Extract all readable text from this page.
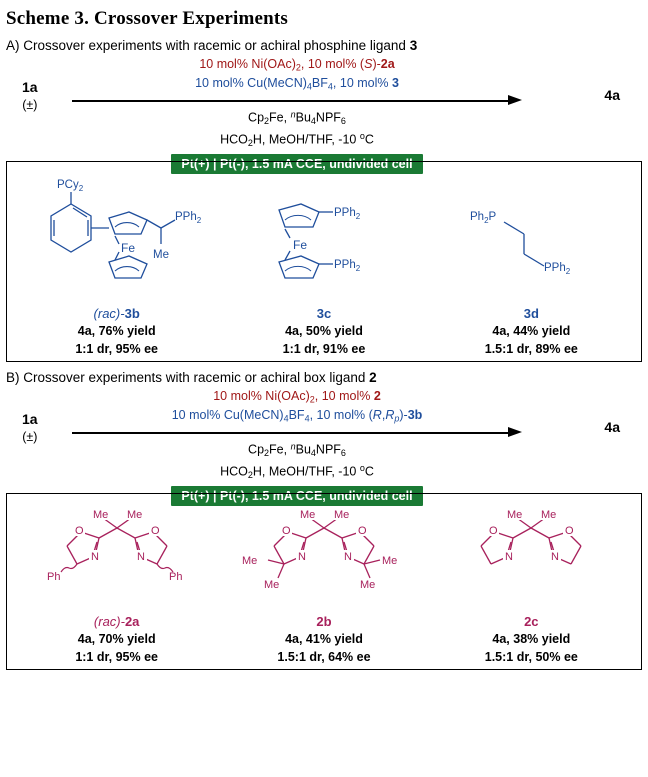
Scheme 3. Crossover Experiments
A) Crossover experiments with racemic or achiral phosphine ligand 3
1a
(±)
10 mol% $Ni(OAc)_2$, 10 mol% (S)-2a
10 mol% $Cu(MeCN)_4BF_4$, 10 mol% 3
$Cp_2Fe$, $^nBu_4NPF_6$
$HCO_2H$, MeOH/THF, -10 $^o$C
Pt(+) | Pt(-), 1.5 mA CCE, undivided cell
4a
PCy$_2$
Fe
PPh$_2$
Me
(rac)-3b
4a, 76% yield
1:1 dr, 95% ee
Fe
PPh$_2$
PPh$_2$
3c
4a, 50% yield
1:1 dr, 91% ee
$Ph_2P$
PPh$_2$
3d
4a, 44% yield
1.5:1 dr, 89% ee
B) Crossover experiments with racemic or achiral box ligand 2
1a
(±)
10 mol% $Ni(OAc)_2$, 10 mol% 2
10 mol% $Cu(MeCN)_4BF_4$, 10 mol% $(R,R_p)-3b$
$Cp_2Fe$, $^nBu_4NPF_6$
$HCO_2H$, MeOH/THF, -10 $^o$C
Pt(+) | Pt(-), 1.5 mA CCE, undivided cell
4a
Me Me
O	O
N	N
Ph	Ph
(rac)-2a
4a, 70% yield
1:1 dr, 95% ee
Me Me
O	O
N	N
Me
Me
Me
Me
2b
4a, 41% yield
1.5:1 dr, 64% ee
Me Me
O	O
N	N
2c
4a, 38% yield
1.5:1 dr, 50% ee
